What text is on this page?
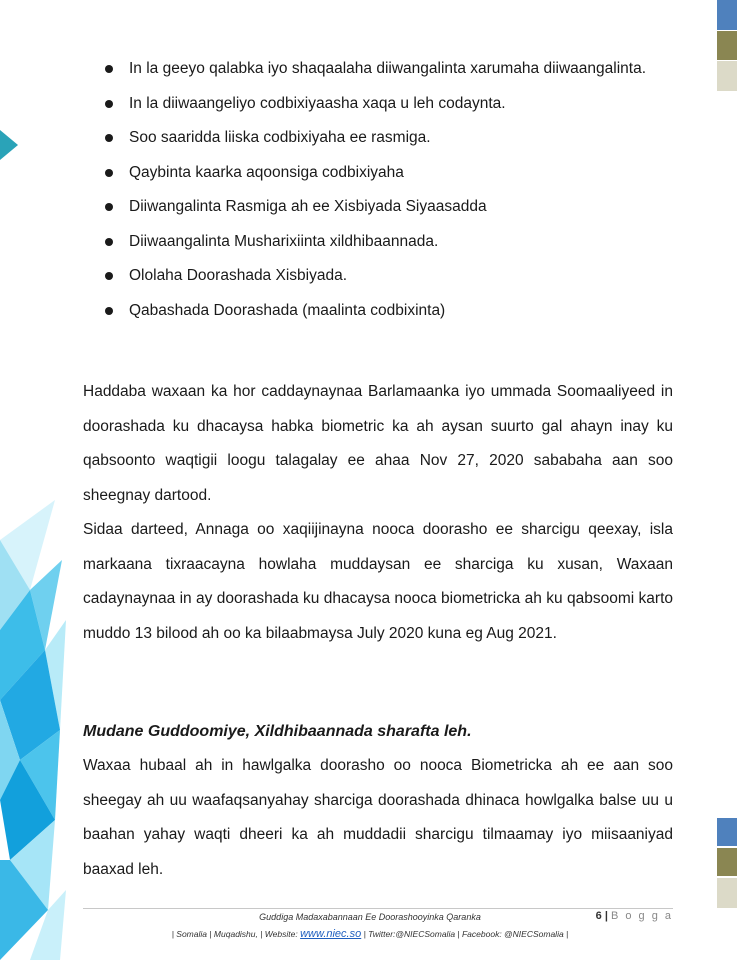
In la geeyo qalabka iyo shaqaalaha diiwangalinta xarumaha diiwaangalinta.
In la diiwaangeliyo codbixiyaasha xaqa u leh codaynta.
Soo saaridda liiska codbixiyaha ee rasmiga.
Qaybinta kaarka aqoonsiga codbixiyaha
Diiwangalinta Rasmiga ah ee Xisbiyada Siyaasadda
Diiwaangalinta Musharixiinta xildhibaannada.
Ololaha Doorashada Xisbiyada.
Qabashada Doorashada (maalinta codbixinta)

Haddaba waxaan ka hor caddaynaynaa Barlamaanka iyo ummada Soomaaliyeed in doorashada ku dhacaysa habka biometric ka ah aysan suurto gal ahayn inay ku qabsoonto waqtigii loogu talagalay ee ahaa Nov 27, 2020 sababaha aan soo sheegnay dartood.

Sidaa darteed, Annaga oo xaqiijinayna nooca doorasho ee sharcigu qeexay, isla markaana tixraacayna howlaha muddaysan ee sharciga ku xusan, Waxaan cadaynaynaa in ay doorashada ku dhacaysa nooca biometricka ah ku qabsoomi karto muddo 13 bilood ah oo ka bilaabmaysa July 2020 kuna eg Aug 2021.

Mudane Guddoomiye, Xildhibaannada sharafta leh.

Waxaa hubaal ah in hawlgalka doorasho oo nooca Biometricka ah ee aan soo sheegay ah uu waafaqsanyahay sharciga doorashada dhinaca howlgalka balse uu u baahan yahay waqti dheeri ka ah muddadii sharcigu tilmaamay iyo miisaaniyad baaxad leh.

Guddiga Madaxabannaan Ee Doorashooyinka Qaranka	6 | B o g g a
| Somalia | Muqadishu, | Website: www.niec.so | Twitter:@NIECSomalia | Facebook: @NIECSomalia |
